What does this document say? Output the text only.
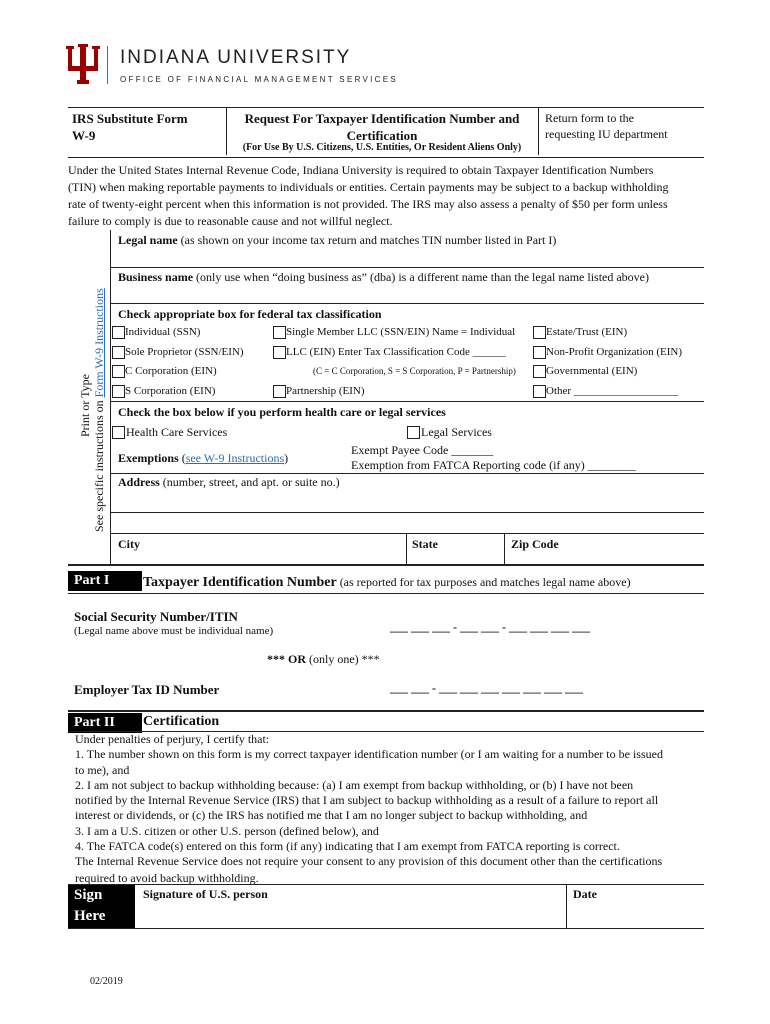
INDIANA UNIVERSITY
OFFICE OF FINANCIAL MANAGEMENT SERVICES
IRS Substitute Form
W-9
Request For Taxpayer Identification Number and
Certification
(For Use By U.S. Citizens, U.S. Entities, Or Resident Aliens Only)
Return form to the
requesting IU department
Under the United States Internal Revenue Code, Indiana University is required to obtain Taxpayer Identification Numbers
(TIN) when making reportable payments to individuals or entities. Certain payments may be subject to a backup withholding
rate of twenty-eight percent when this information is not provided. The IRS may also assess a penalty of $50 per form unless
failure to comply is due to reasonable cause and not willful neglect.
Print or Type See specific instructions on Form W-9 Instructions
Legal name (as shown on your income tax return and matches TIN number listed in Part I)
Business name (only use when “doing business as” (dba) is a different name than the legal name listed above)
Check appropriate box for federal tax classification
Individual (SSN)	Single Member LLC (SSN/EIN) Name = Individual	Estate/Trust (EIN)
Sole Proprietor (SSN/EIN)	LLC (EIN) Enter Tax Classification Code ______	Non-Profit Organization (EIN)
C Corporation (EIN)	(C = C Corporation, S = S Corporation, P = Partnership)	Governmental (EIN)
S Corporation (EIN)	Partnership (EIN)	Other ___________________
Check the box below if you perform health care or legal services
Health Care Services	Legal Services
Exemptions (see W-9 Instructions)
Exempt Payee Code _______
Exemption from FATCA Reporting code (if any) ________
Address (number, street, and apt. or suite no.)
City	State	Zip Code
Part I	Taxpayer Identification Number (as reported for tax purposes and matches legal name above)
Social Security Number/ITIN
(Legal name above must be individual name)	___ ___ ___ - ___ ___ - ___ ___ ___ ___
*** OR (only one) ***
Employer Tax ID Number	___ ___ - ___ ___ ___ ___ ___ ___ ___
Part II	Certification
Under penalties of perjury, I certify that:
1. The number shown on this form is my correct taxpayer identification number (or I am waiting for a number to be issued
to me), and
2. I am not subject to backup withholding because: (a) I am exempt from backup withholding, or (b) I have not been
notified by the Internal Revenue Service (IRS) that I am subject to backup withholding as a result of a failure to report all
interest or dividends, or (c) the IRS has notified me that I am no longer subject to backup withholding, and
3. I am a U.S. citizen or other U.S. person (defined below), and
4. The FATCA code(s) entered on this form (if any) indicating that I am exempt from FATCA reporting is correct.
The Internal Revenue Service does not require your consent to any provision of this document other than the certifications
required to avoid backup withholding.
Sign
Here
Signature of U.S. person	Date
02/2019
